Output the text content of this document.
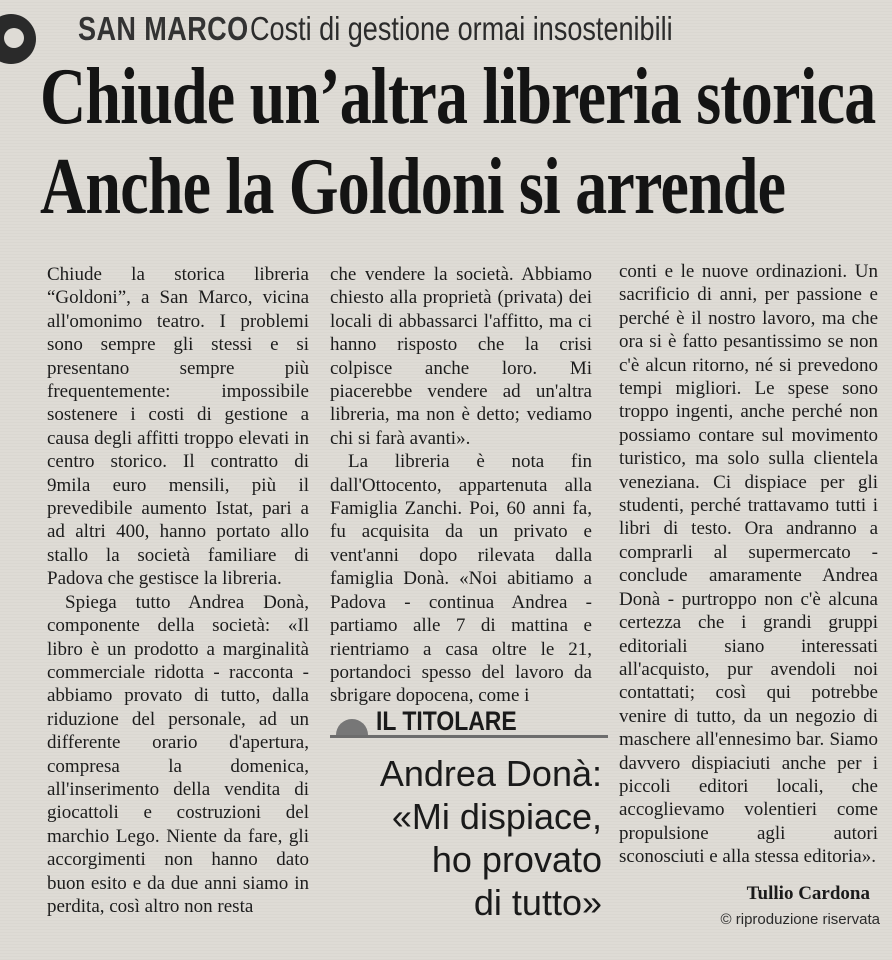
SAN MARCO Costi di gestione ormai insostenibili
Chiude un’altra libreria storica
Anche la Goldoni si arrende

Chiude la storica libreria “Goldoni”, a San Marco, vicina all'omonimo teatro. I problemi sono sempre gli stessi e si presentano sempre più frequentemente: impossibile sostenere i costi di gestione a causa degli affitti troppo elevati in centro storico. Il contratto di 9mila euro mensili, più il prevedibile aumento Istat, pari a ad altri 400, hanno portato allo stallo la società familiare di Padova che gestisce la libreria.

Spiega tutto Andrea Donà, componente della società: «Il libro è un prodotto a marginalità commerciale ridotta - racconta - abbiamo provato di tutto, dalla riduzione del personale, ad un differente orario d'apertura, compresa la domenica, all'inserimento della vendita di giocattoli e costruzioni del marchio Lego. Niente da fare, gli accorgimenti non hanno dato buon esito e da due anni siamo in perdita, così altro non resta

che vendere la società. Abbiamo chiesto alla proprietà (privata) dei locali di abbassarci l'affitto, ma ci hanno risposto che la crisi colpisce anche loro. Mi piacerebbe vendere ad un'altra libreria, ma non è detto; vediamo chi si farà avanti».

La libreria è nota fin dall'Ottocento, appartenuta alla Famiglia Zanchi. Poi, 60 anni fa, fu acquisita da un privato e vent'anni dopo rilevata dalla famiglia Donà. «Noi abitiamo a Padova - continua Andrea - partiamo alle 7 di mattina e rientriamo a casa oltre le 21, portandoci spesso del lavoro da sbrigare dopocena, come i

conti e le nuove ordinazioni. Un sacrificio di anni, per passione e perché è il nostro lavoro, ma che ora si è fatto pesantissimo se non c'è alcun ritorno, né si prevedono tempi migliori. Le spese sono troppo ingenti, anche perché non possiamo contare sul movimento turistico, ma solo sulla clientela veneziana. Ci dispiace per gli studenti, perché trattavamo tutti i libri di testo. Ora andranno a comprarli al supermercato - conclude amaramente Andrea Donà - purtroppo non c'è alcuna certezza che i grandi gruppi editoriali siano interessati all'acquisto, pur avendoli noi contattati; così qui potrebbe venire di tutto, da un negozio di maschere all'ennesimo bar. Siamo davvero dispiaciuti anche per i piccoli editori locali, che accoglievamo volentieri come propulsione agli autori sconosciuti e alla stessa editoria».

IL TITOLARE
Andrea Donà:
«Mi dispiace,
ho provato
di tutto»	Tullio Cardona
© riproduzione riservata
